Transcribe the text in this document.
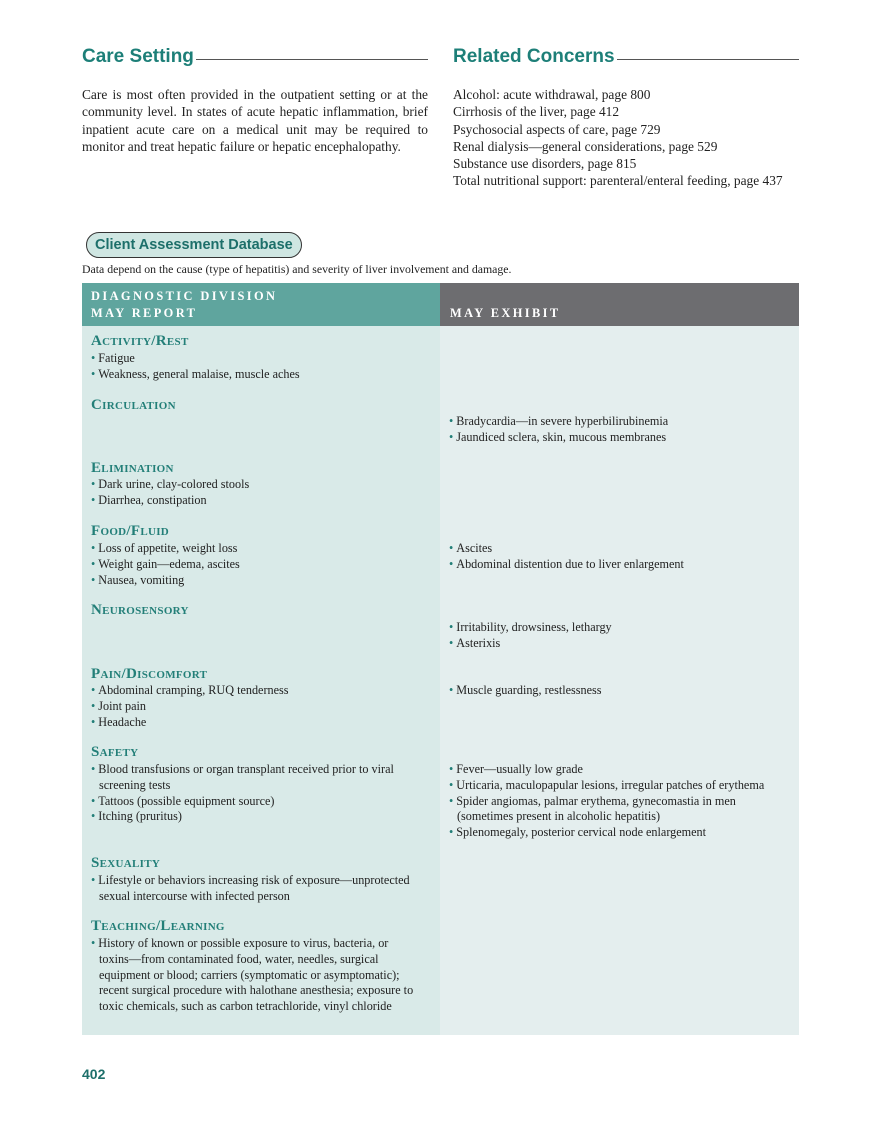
Care Setting

Care is most often provided in the outpatient setting or at the community level. In states of acute hepatic inflammation, brief inpatient acute care on a medical unit may be required to monitor and treat hepatic failure or hepatic encephalopathy.

Related Concerns
Alcohol: acute withdrawal, page 800
Cirrhosis of the liver, page 412
Psychosocial aspects of care, page 729
Renal dialysis—general considerations, page 529
Substance use disorders, page 815
Total nutritional support: parenteral/enteral feeding, page 437
Client Assessment Database

Data depend on the cause (type of hepatitis) and severity of liver involvement and damage.

DIAGNOSTIC DIVISION
MAY REPORT	MAY EXHIBIT
Activity/Rest
• Fatigue
• Weakness, general malaise, muscle aches
Circulation
• Bradycardia—in severe hyperbilirubinemia
• Jaundiced sclera, skin, mucous membranes
Elimination
• Dark urine, clay-colored stools
• Diarrhea, constipation
Food/Fluid
• Loss of appetite, weight loss
• Weight gain—edema, ascites
• Nausea, vomiting
• Ascites
• Abdominal distention due to liver enlargement
Neurosensory
• Irritability, drowsiness, lethargy
• Asterixis
Pain/Discomfort
• Abdominal cramping, RUQ tenderness
• Joint pain
• Headache
• Muscle guarding, restlessness
Safety
• Blood transfusions or organ transplant received prior to viral screening tests
• Tattoos (possible equipment source)
• Itching (pruritus)
• Fever—usually low grade
• Urticaria, maculopapular lesions, irregular patches of erythema
• Spider angiomas, palmar erythema, gynecomastia in men (sometimes present in alcoholic hepatitis)
• Splenomegaly, posterior cervical node enlargement
Sexuality
• Lifestyle or behaviors increasing risk of exposure—unprotected sexual intercourse with infected person
Teaching/Learning
• History of known or possible exposure to virus, bacteria, or toxins—from contaminated food, water, needles, surgical equipment or blood; carriers (symptomatic or asymptomatic); recent surgical procedure with halothane anesthesia; exposure to toxic chemicals, such as carbon tetrachloride, vinyl chloride
402
